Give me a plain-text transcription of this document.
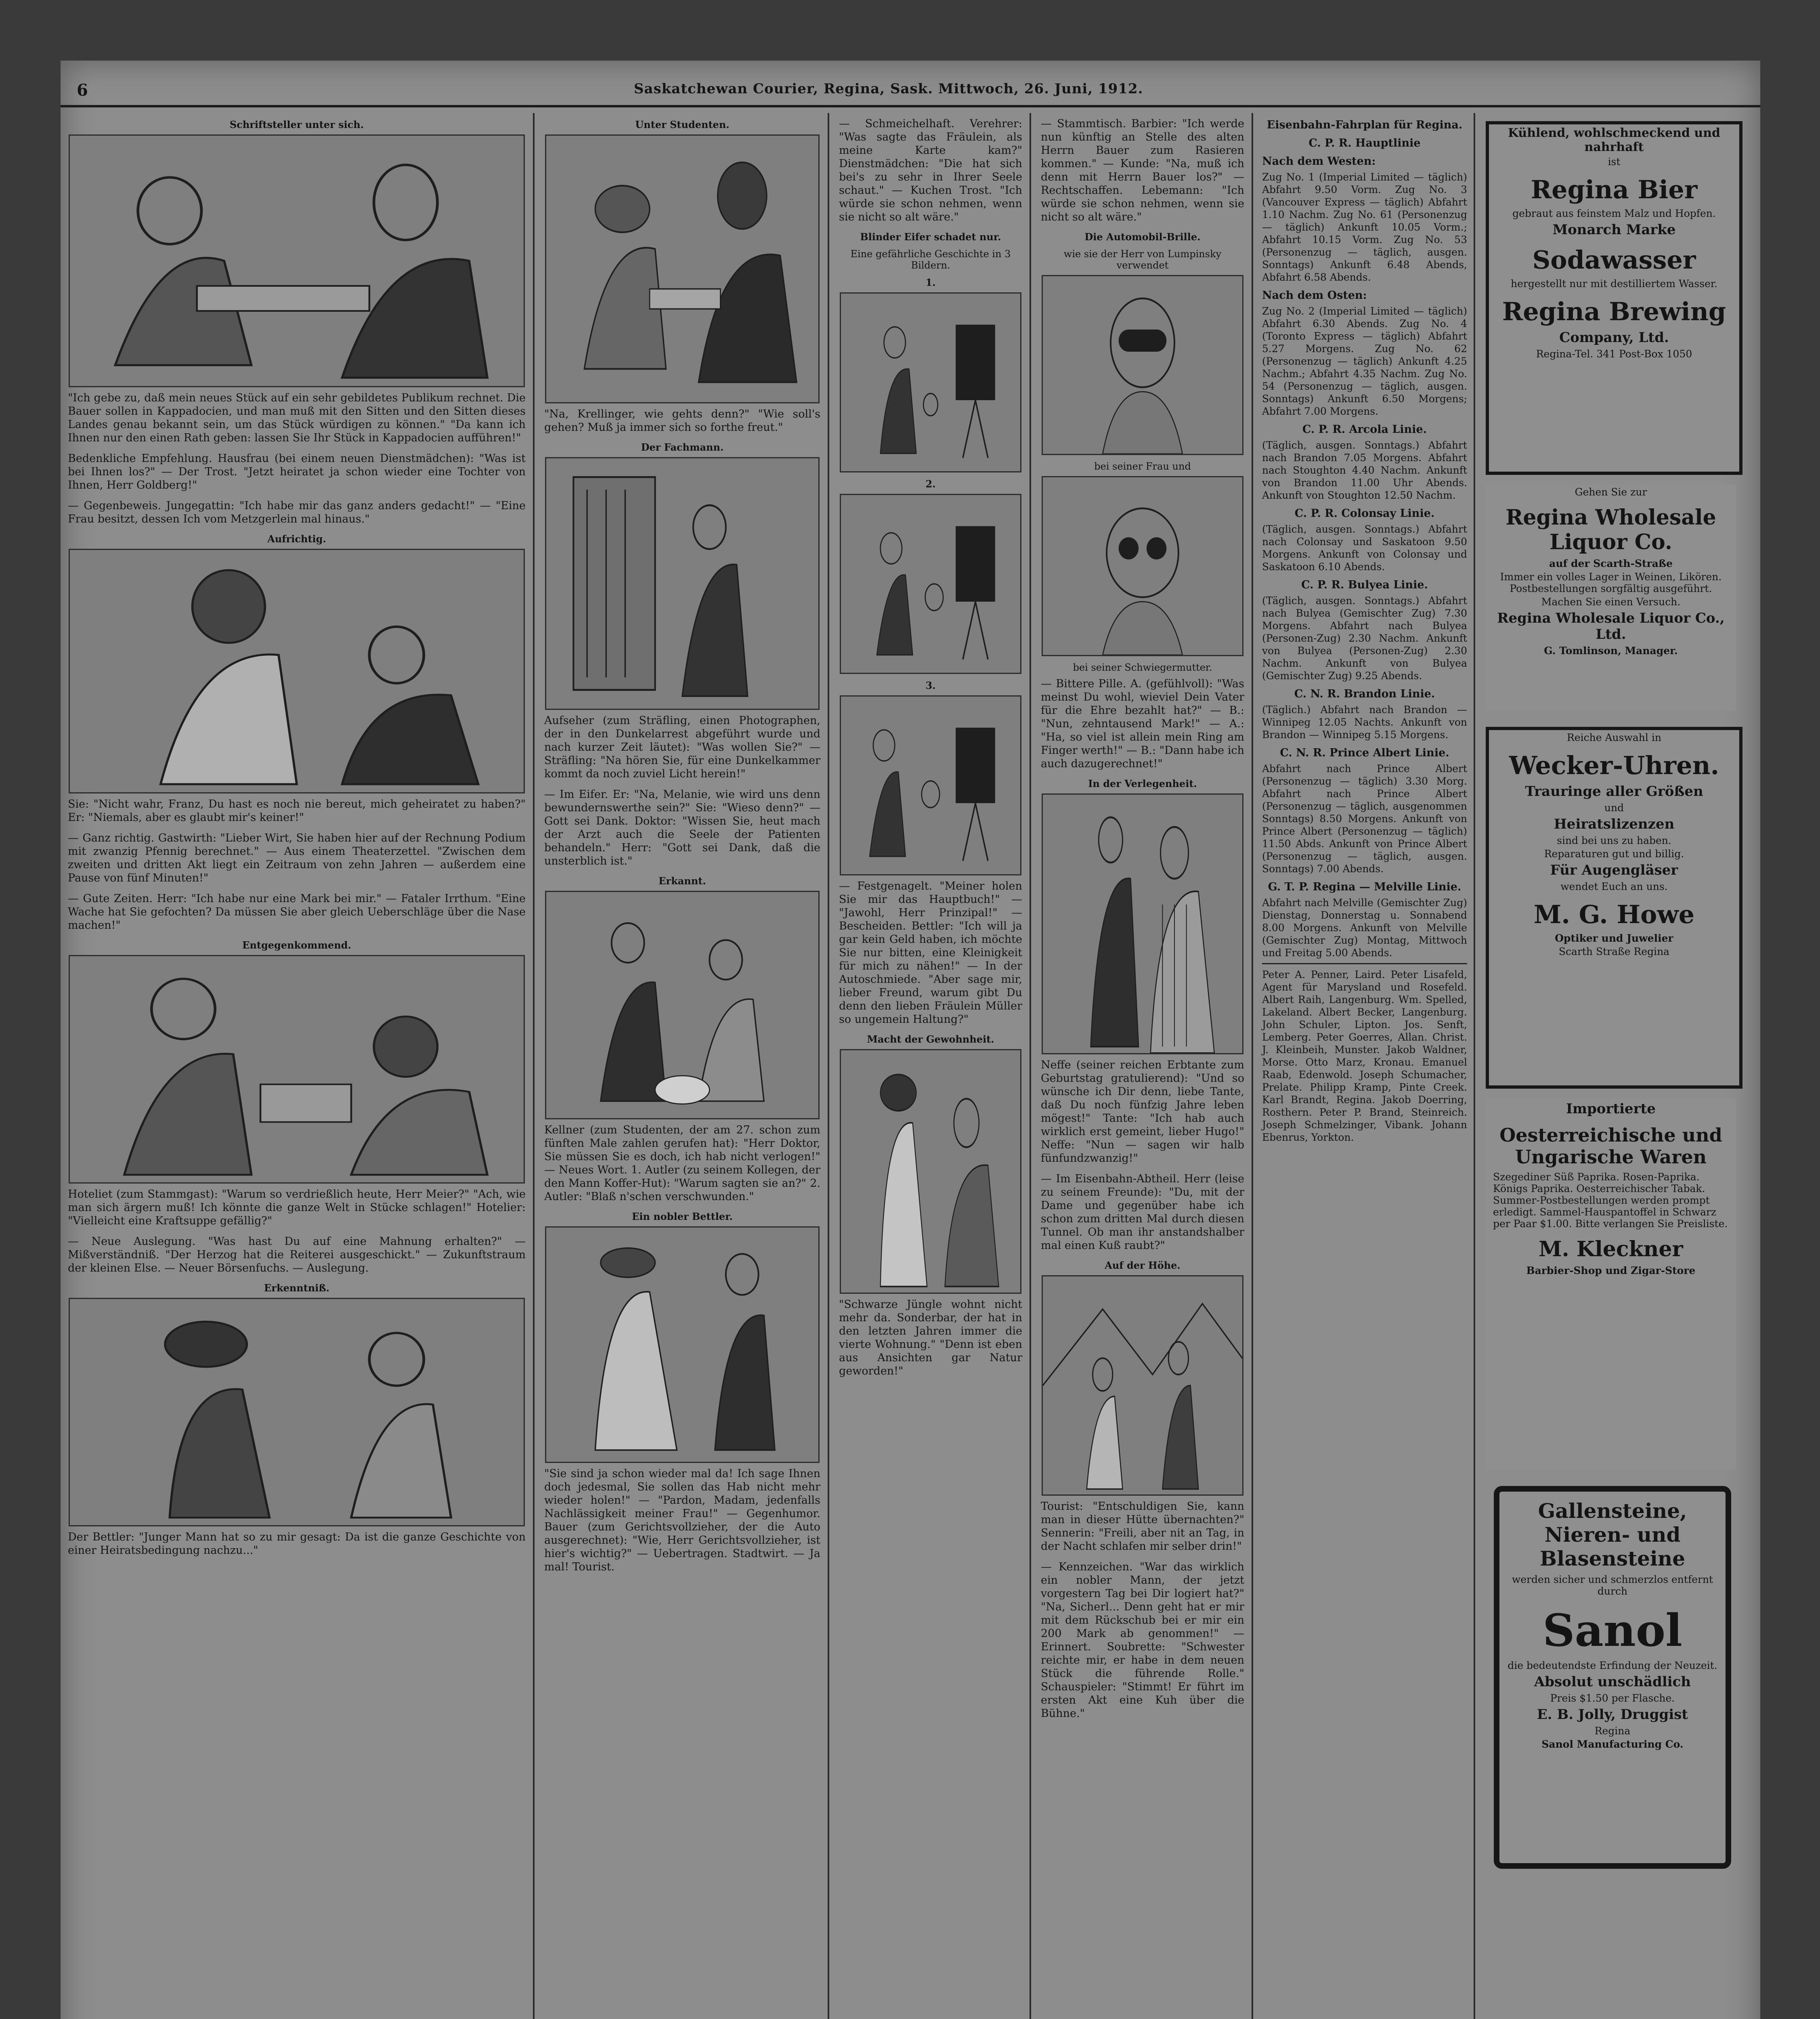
6	Saskatchewan Courier, Regina, Sask. Mittwoch, 26. Juni, 1912.
Schriftsteller unter sich.

"Ich gebe zu, daß mein neues Stück auf ein sehr gebildetes Publikum rechnet. Die Bauer sollen in Kappadocien, und man muß mit den Sitten und den Sitten dieses Landes genau bekannt sein, um das Stück würdigen zu können." "Da kann ich Ihnen nur den einen Rath geben: lassen Sie Ihr Stück in Kappadocien aufführen!"

Bedenkliche Empfehlung. Hausfrau (bei einem neuen Dienstmädchen): "Was ist bei Ihnen los?" — Der Trost. "Jetzt heiratet ja schon wieder eine Tochter von Ihnen, Herr Goldberg!"

— Gegenbeweis. Jungegattin: "Ich habe mir das ganz anders gedacht!" — "Eine Frau besitzt, dessen Ich vom Metzgerlein mal hinaus."

Aufrichtig.

Sie: "Nicht wahr, Franz, Du hast es noch nie bereut, mich geheiratet zu haben?" Er: "Niemals, aber es glaubt mir's keiner!"

— Ganz richtig. Gastwirth: "Lieber Wirt, Sie haben hier auf der Rechnung Podium mit zwanzig Pfennig berechnet." — Aus einem Theaterzettel. "Zwischen dem zweiten und dritten Akt liegt ein Zeitraum von zehn Jahren — außerdem eine Pause von fünf Minuten!"

— Gute Zeiten. Herr: "Ich habe nur eine Mark bei mir." — Fataler Irrthum. "Eine Wache hat Sie gefochten? Da müssen Sie aber gleich Ueberschläge über die Nase machen!"

Entgegenkommend.

Hoteliet (zum Stammgast): "Warum so verdrießlich heute, Herr Meier?" "Ach, wie man sich ärgern muß! Ich könnte die ganze Welt in Stücke schlagen!" Hotelier: "Vielleicht eine Kraftsuppe gefällig?"

— Neue Auslegung. "Was hast Du auf eine Mahnung erhalten?" — Mißverständniß. "Der Herzog hat die Reiterei ausgeschickt." — Zukunftstraum der kleinen Else. — Neuer Börsenfuchs. — Auslegung.

Erkenntniß.

Der Bettler: "Junger Mann hat so zu mir gesagt: Da ist die ganze Geschichte von einer Heiratsbedingung nachzu..."

Unter Studenten.

"Na, Krellinger, wie gehts denn?" "Wie soll's gehen? Muß ja immer sich so forthe freut."

Der Fachmann.

Aufseher (zum Sträfling, einen Photographen, der in den Dunkelarrest abgeführt wurde und nach kurzer Zeit läutet): "Was wollen Sie?" — Sträfling: "Na hören Sie, für eine Dunkelkammer kommt da noch zuviel Licht herein!"

— Im Eifer. Er: "Na, Melanie, wie wird uns denn bewundernswerthe sein?" Sie: "Wieso denn?" — Gott sei Dank. Doktor: "Wissen Sie, heut mach der Arzt auch die Seele der Patienten behandeln." Herr: "Gott sei Dank, daß die unsterblich ist."

Erkannt.

Kellner (zum Studenten, der am 27. schon zum fünften Male zahlen gerufen hat): "Herr Doktor, Sie müssen Sie es doch, ich hab nicht verlogen!" — Neues Wort. 1. Autler (zu seinem Kollegen, der den Mann Koffer-Hut): "Warum sagten sie an?" 2. Autler: "Blaß n'schen verschwunden."

Ein nobler Bettler.

"Sie sind ja schon wieder mal da! Ich sage Ihnen doch jedesmal, Sie sollen das Hab nicht mehr wieder holen!" — "Pardon, Madam, jedenfalls Nachlässigkeit meiner Frau!" — Gegenhumor. Bauer (zum Gerichtsvollzieher, der die Auto ausgerechnet): "Wie, Herr Gerichtsvollzieher, ist hier's wichtig?" — Uebertragen. Stadtwirt. — Ja mal! Tourist.

— Schmeichelhaft. Verehrer: "Was sagte das Fräulein, als meine Karte kam?" Dienstmädchen: "Die hat sich bei's zu sehr in Ihrer Seele schaut." — Kuchen Trost. "Ich würde sie schon nehmen, wenn sie nicht so alt wäre."

Blinder Eifer schadet nur.
Eine gefährliche Geschichte in 3 Bildern.
1.
2.
3.

— Festgenagelt. "Meiner holen Sie mir das Hauptbuch!" — "Jawohl, Herr Prinzipal!" — Bescheiden. Bettler: "Ich will ja gar kein Geld haben, ich möchte Sie nur bitten, eine Kleinigkeit für mich zu nähen!" — In der Autoschmiede. "Aber sage mir, lieber Freund, warum gibt Du denn den lieben Fräulein Müller so ungemein Haltung?"

Macht der Gewohnheit.

"Schwarze Jüngle wohnt nicht mehr da. Sonderbar, der hat in den letzten Jahren immer die vierte Wohnung." "Denn ist eben aus Ansichten gar Natur geworden!"

— Stammtisch. Barbier: "Ich werde nun künftig an Stelle des alten Herrn Bauer zum Rasieren kommen." — Kunde: "Na, muß ich denn mit Herrn Bauer los?" — Rechtschaffen. Lebemann: "Ich würde sie schon nehmen, wenn sie nicht so alt wäre."

Die Automobil-Brille.
wie sie der Herr von Lumpinsky verwendet
bei seiner Frau und
bei seiner Schwiegermutter.

— Bittere Pille. A. (gefühlvoll): "Was meinst Du wohl, wieviel Dein Vater für die Ehre bezahlt hat?" — B.: "Nun, zehntausend Mark!" — A.: "Ha, so viel ist allein mein Ring am Finger werth!" — B.: "Dann habe ich auch dazugerechnet!"

In der Verlegenheit.

Neffe (seiner reichen Erbtante zum Geburtstag gratulierend): "Und so wünsche ich Dir denn, liebe Tante, daß Du noch fünfzig Jahre leben mögest!" Tante: "Ich hab auch wirklich erst gemeint, lieber Hugo!" Neffe: "Nun — sagen wir halb fünfundzwanzig!"

— Im Eisenbahn-Abtheil. Herr (leise zu seinem Freunde): "Du, mit der Dame und gegenüber habe ich schon zum dritten Mal durch diesen Tunnel. Ob man ihr anstandshalber mal einen Kuß raubt?"

Auf der Höhe.

Tourist: "Entschuldigen Sie, kann man in dieser Hütte übernachten?" Sennerin: "Freili, aber nit an Tag, in der Nacht schlafen mir selber drin!"

— Kennzeichen. "War das wirklich ein nobler Mann, der jetzt vorgestern Tag bei Dir logiert hat?" "Na, Sicherl... Denn geht hat er mir mit dem Rückschub bei er mir ein 200 Mark ab genommen!" — Erinnert. Soubrette: "Schwester reichte mir, er habe in dem neuen Stück die führende Rolle." Schauspieler: "Stimmt! Er führt im ersten Akt eine Kuh über die Bühne."

Eisenbahn-Fahrplan für Regina.
C. P. R. Hauptlinie
Nach dem Westen:

Zug No. 1 (Imperial Limited — täglich) Abfahrt 9.50 Vorm. Zug No. 3 (Vancouver Express — täglich) Abfahrt 1.10 Nachm. Zug No. 61 (Personenzug — täglich) Ankunft 10.05 Vorm.; Abfahrt 10.15 Vorm. Zug No. 53 (Personenzug — täglich, ausgen. Sonntags) Ankunft 6.48 Abends, Abfahrt 6.58 Abends.

Nach dem Osten:

Zug No. 2 (Imperial Limited — täglich) Abfahrt 6.30 Abends. Zug No. 4 (Toronto Express — täglich) Abfahrt 5.27 Morgens. Zug No. 62 (Personenzug — täglich) Ankunft 4.25 Nachm.; Abfahrt 4.35 Nachm. Zug No. 54 (Personenzug — täglich, ausgen. Sonntags) Ankunft 6.50 Morgens; Abfahrt 7.00 Morgens.

C. P. R. Arcola Linie.

(Täglich, ausgen. Sonntags.) Abfahrt nach Brandon 7.05 Morgens. Abfahrt nach Stoughton 4.40 Nachm. Ankunft von Brandon 11.00 Uhr Abends. Ankunft von Stoughton 12.50 Nachm.

C. P. R. Colonsay Linie.

(Täglich, ausgen. Sonntags.) Abfahrt nach Colonsay und Saskatoon 9.50 Morgens. Ankunft von Colonsay und Saskatoon 6.10 Abends.

C. P. R. Bulyea Linie.

(Täglich, ausgen. Sonntags.) Abfahrt nach Bulyea (Gemischter Zug) 7.30 Morgens. Abfahrt nach Bulyea (Personen-Zug) 2.30 Nachm. Ankunft von Bulyea (Personen-Zug) 2.30 Nachm. Ankunft von Bulyea (Gemischter Zug) 9.25 Abends.

C. N. R. Brandon Linie.

(Täglich.) Abfahrt nach Brandon — Winnipeg 12.05 Nachts. Ankunft von Brandon — Winnipeg 5.15 Morgens.

C. N. R. Prince Albert Linie.

Abfahrt nach Prince Albert (Personenzug — täglich) 3.30 Morg. Abfahrt nach Prince Albert (Personenzug — täglich, ausgenommen Sonntags) 8.50 Morgens. Ankunft von Prince Albert (Personenzug — täglich) 11.50 Abds. Ankunft von Prince Albert (Personenzug — täglich, ausgen. Sonntags) 7.00 Abends.

G. T. P. Regina — Melville Linie.

Abfahrt nach Melville (Gemischter Zug) Dienstag, Donnerstag u. Sonnabend 8.00 Morgens. Ankunft von Melville (Gemischter Zug) Montag, Mittwoch und Freitag 5.00 Abends.

Peter A. Penner, Laird. Peter Lisafeld, Agent für Marysland und Rosefeld. Albert Raih, Langenburg. Wm. Spelled, Lakeland. Albert Becker, Langenburg. John Schuler, Lipton. Jos. Senft, Lemberg. Peter Goerres, Allan. Christ. J. Kleinbeih, Munster. Jakob Waldner, Morse. Otto Marz, Kronau. Emanuel Raab, Edenwold. Joseph Schumacher, Prelate. Philipp Kramp, Pinte Creek. Karl Brandt, Regina. Jakob Doerring, Rosthern. Peter P. Brand, Steinreich. Joseph Schmelzinger, Vibank. Johann Ebenrus, Yorkton.

Kühlend, wohlschmeckend und nahrhaft
ist
Regina Bier
gebraut aus feinstem Malz und Hopfen.
Monarch Marke
Sodawasser
hergestellt nur mit destilliertem Wasser.
Regina Brewing
Company, Ltd.
Regina-Tel. 341 Post-Box 1050
Gehen Sie zur
Regina Wholesale Liquor Co.
auf der Scarth-Straße
Immer ein volles Lager in Weinen, Likören. Postbestellungen sorgfältig ausgeführt.
Machen Sie einen Versuch.
Regina Wholesale Liquor Co., Ltd.
G. Tomlinson, Manager.
Reiche Auswahl in
Wecker-Uhren.
Trauringe aller Größen
und
Heiratslizenzen
sind bei uns zu haben.
Reparaturen gut und billig.
Für Augengläser
wendet Euch an uns.
M. G. Howe
Optiker und Juwelier
Scarth Straße Regina
Importierte
Oesterreichische und Ungarische Waren
Szegediner Süß Paprika. Rosen-Paprika. Königs Paprika. Oesterreichischer Tabak. Summer-Postbestellungen werden prompt erledigt. Sammel-Hauspantoffel in Schwarz per Paar $1.00. Bitte verlangen Sie Preisliste.
M. Kleckner
Barbier-Shop und Zigar-Store
Gallensteine, Nieren- und Blasensteine
werden sicher und schmerzlos entfernt durch
Sanol
die bedeutendste Erfindung der Neuzeit.
Absolut unschädlich
Preis $1.50 per Flasche.
E. B. Jolly, Druggist
Regina
Sanol Manufacturing Co.
